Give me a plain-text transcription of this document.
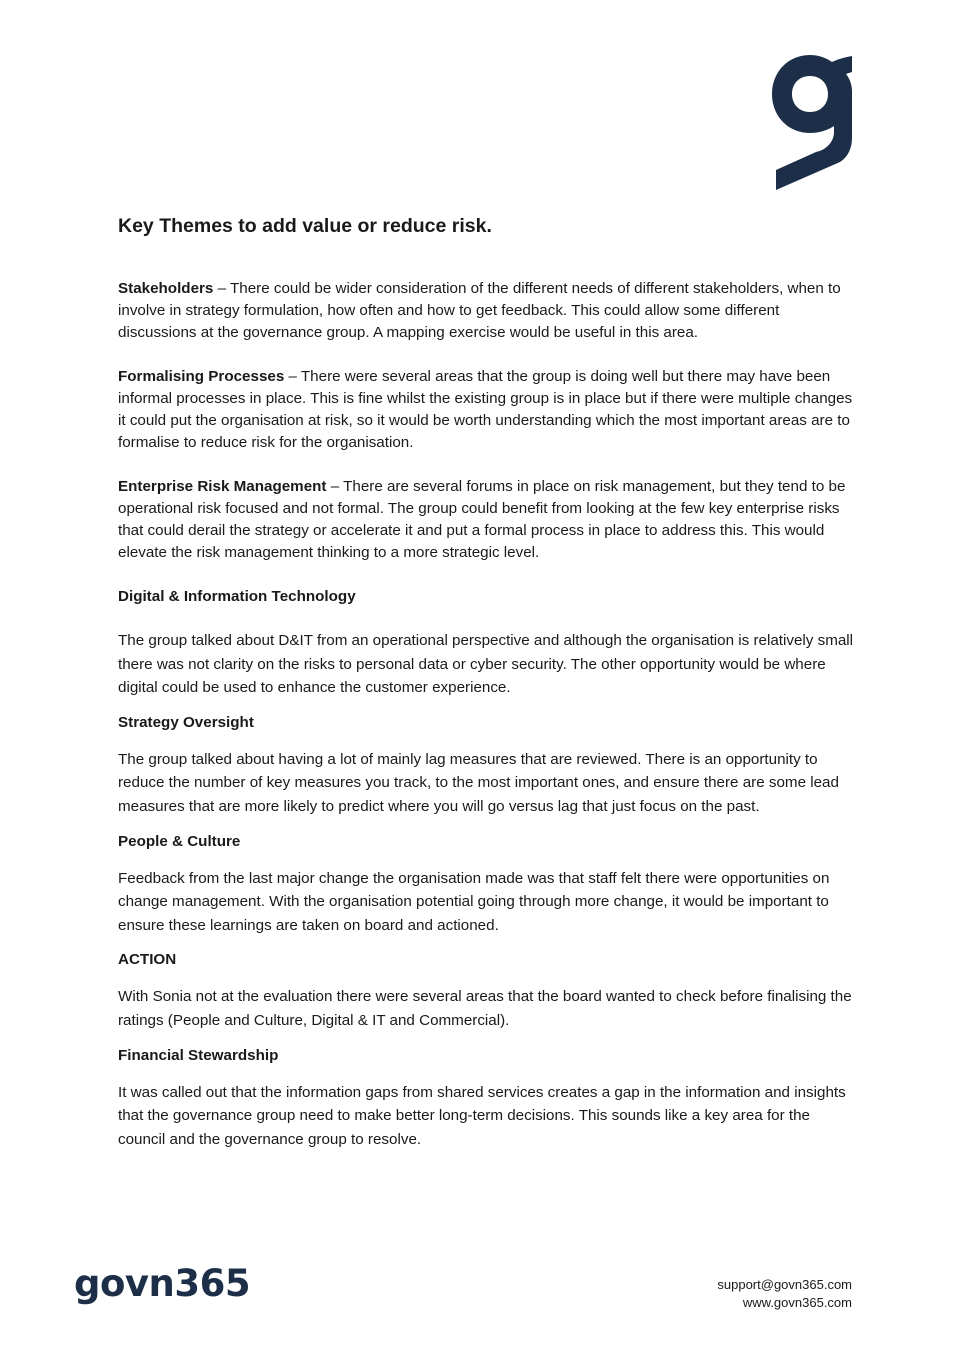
Key Themes to add value or reduce risk.

Stakeholders – There could be wider consideration of the different needs of different stakeholders, when to involve in strategy formulation, how often and how to get feedback. This could allow some different discussions at the governance group. A mapping exercise would be useful in this area.

Formalising Processes – There were several areas that the group is doing well but there may have been informal processes in place. This is fine whilst the existing group is in place but if there were multiple changes it could put the organisation at risk, so it would be worth understanding which the most important areas are to formalise to reduce risk for the organisation.

Enterprise Risk Management – There are several forums in place on risk management, but they tend to be operational risk focused and not formal. The group could benefit from looking at the few key enterprise risks that could derail the strategy or accelerate it and put a formal process in place to address this. This would elevate the risk management thinking to a more strategic level.

Digital & Information Technology

The group talked about D&IT from an operational perspective and although the organisation is relatively small there was not clarity on the risks to personal data or cyber security. The other opportunity would be where digital could be used to enhance the customer experience.

Strategy Oversight

The group talked about having a lot of mainly lag measures that are reviewed. There is an opportunity to reduce the number of key measures you track, to the most important ones, and ensure there are some lead measures that are more likely to predict where you will go versus lag that just focus on the past.

People & Culture

Feedback from the last major change the organisation made was that staff felt there were opportunities on change management. With the organisation potential going through more change, it would be important to ensure these learnings are taken on board and actioned.

ACTION

With Sonia not at the evaluation there were several areas that the board wanted to check before finalising the ratings (People and Culture, Digital & IT and Commercial).

Financial Stewardship

It was called out that the information gaps from shared services creates a gap in the information and insights that the governance group need to make better long-term decisions. This sounds like a key area for the council and the governance group to resolve.

govn365	support@govn365.com
www.govn365.com
